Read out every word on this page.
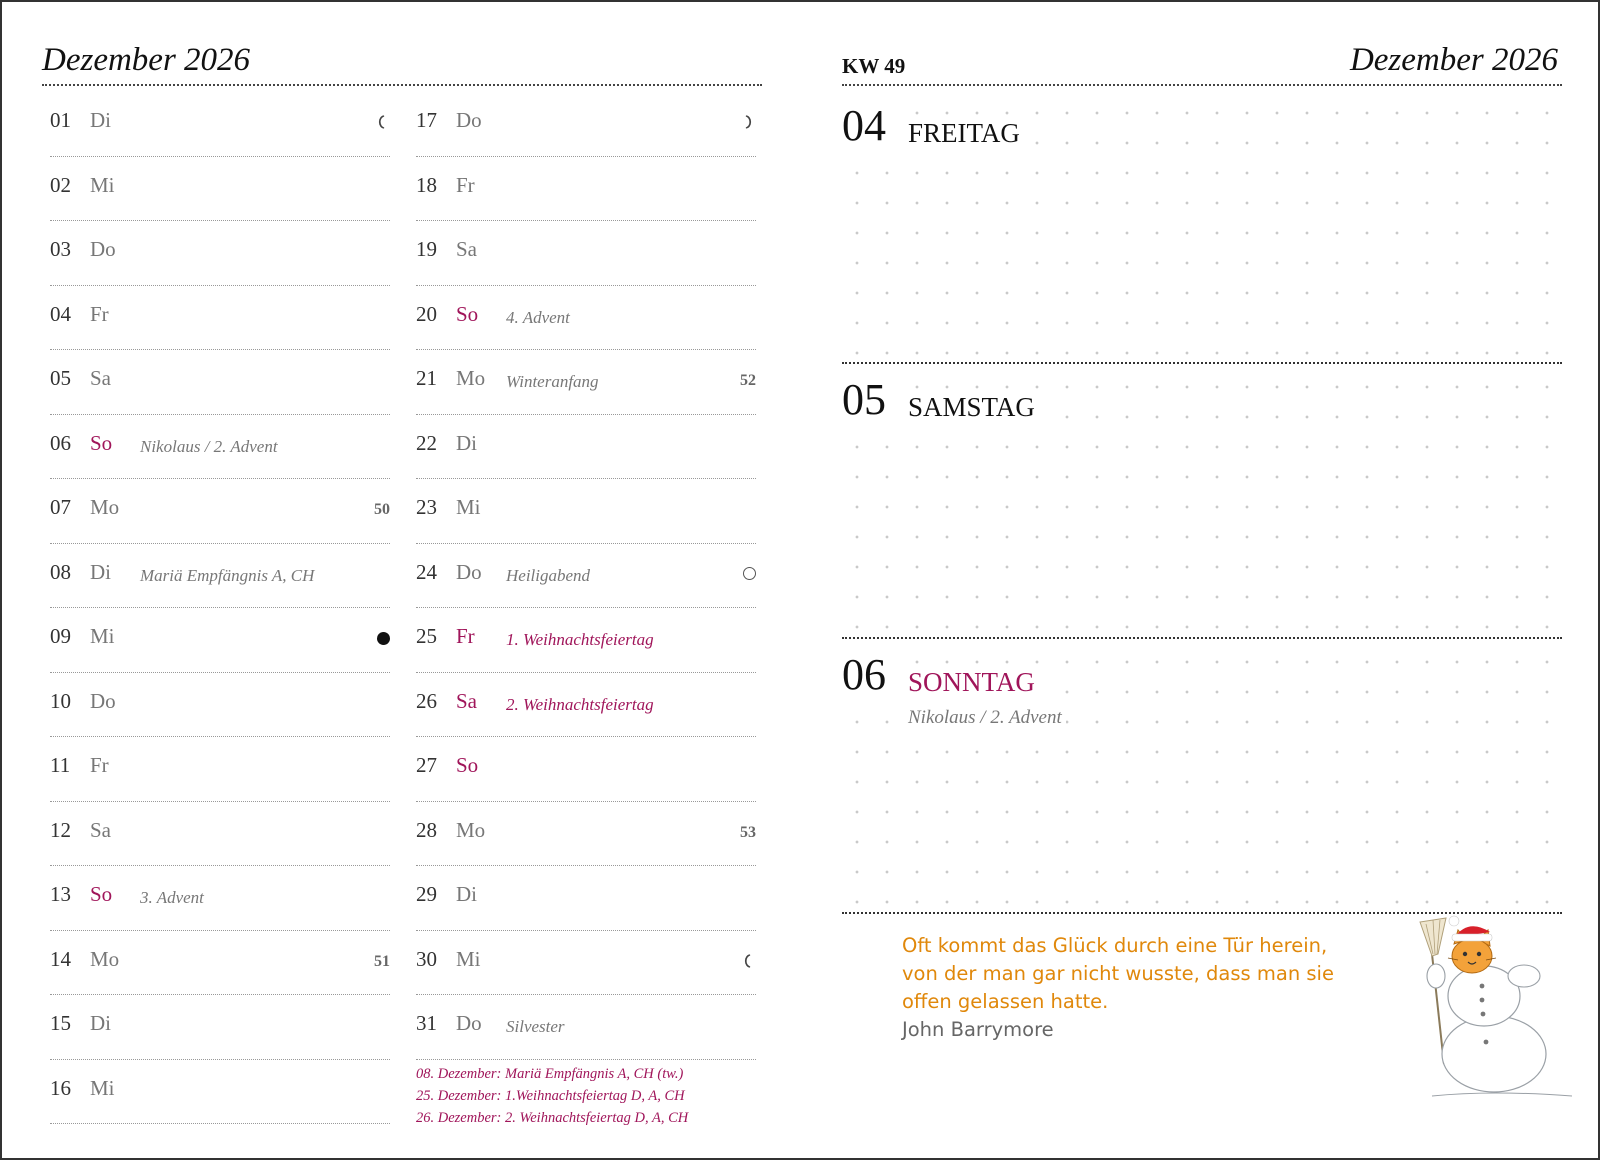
Dezember 2026
01 Di
02 Mi
03 Do
04 Fr
05 Sa
06 So Nikolaus / 2. Advent
07 Mo	50
08 Di Mariä Empfängnis A, CH
09 Mi
10 Do
11 Fr
12 Sa
13 So 3. Advent
14 Mo	51
15 Di
16 Mi
17 Do
18 Fr
19 Sa
20 So 4. Advent
21 Mo Winteranfang	52
22 Di
23 Mi
24 Do Heiligabend
25 Fr 1. Weihnachtsfeiertag
26 Sa 2. Weihnachtsfeiertag
27 So
28 Mo	53
29 Di
30 Mi
31 Do Silvester
08. Dezember: Mariä Empfängnis A, CH (tw.)
25. Dezember: 1.Weihnachtsfeiertag D, A, CH
26. Dezember: 2. Weihnachtsfeiertag D, A, CH
KW 49	Dezember 2026
04 FREITAG
05 SAMSTAG
06 SONNTAG
Nikolaus / 2. Advent
Oft kommt das Glück durch eine Tür herein, von der man gar nicht wusste, dass man sie offen gelassen hatte.
John Barrymore
